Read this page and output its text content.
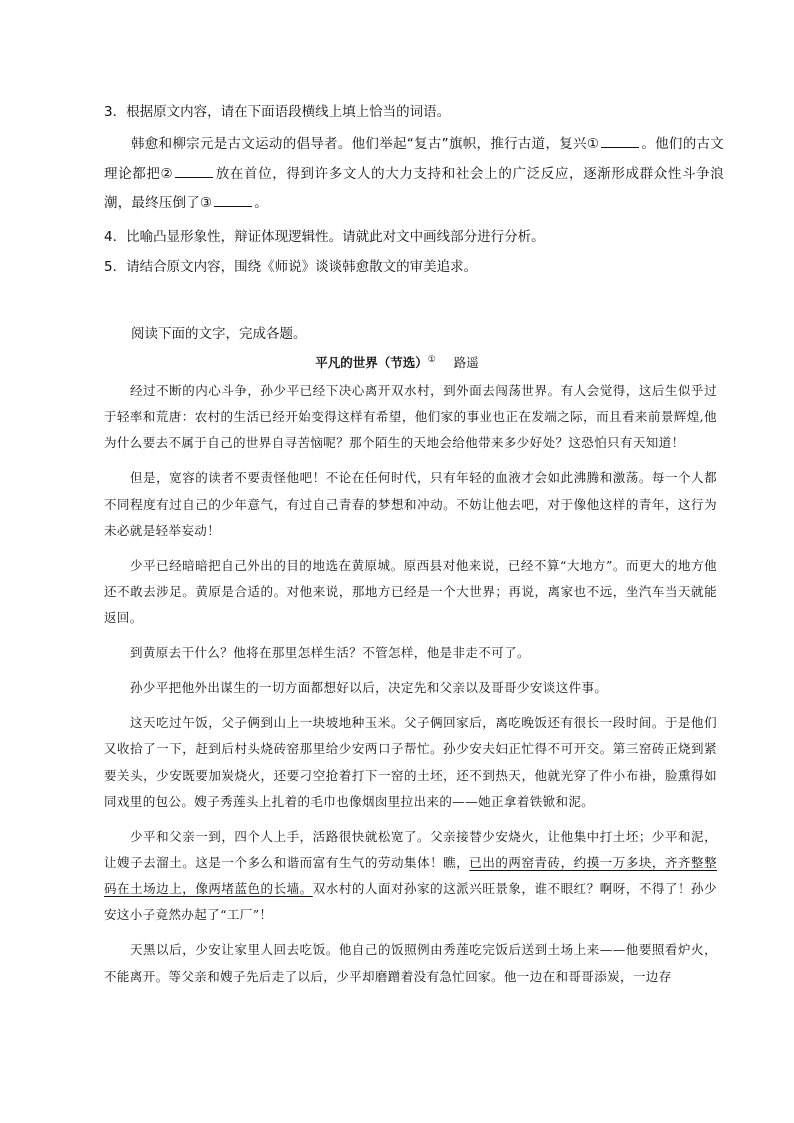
3．根据原文内容，请在下面语段横线上填上恰当的词语。
韩愈和柳宗元是古文运动的倡导者。他们举起“复古”旗帜，推行古道，复兴①	。他们的古文理论都把②	放在首位，得到许多文人的大力支持和社会上的广泛反应，逐渐形成群众性斗争浪潮，最终压倒了③	。
4．比喻凸显形象性，辩证体现逻辑性。请就此对文中画线部分进行分析。
5．请结合原文内容，围绕《师说》谈谈韩愈散文的审美追求。
阅读下面的文字，完成各题。
平凡的世界（节选）① 路遥

经过不断的内心斗争，孙少平已经下决心离开双水村，到外面去闯荡世界。有人会觉得，这后生似乎过于轻率和荒唐：农村的生活已经开始变得这样有希望，他们家的事业也正在发端之际，而且看来前景辉煌,他为什么要去不属于自己的世界自寻苦恼呢？那个陌生的天地会给他带来多少好处？这恐怕只有天知道！

但是，宽容的读者不要责怪他吧！不论在任何时代，只有年轻的血液才会如此沸腾和激荡。每一个人都不同程度有过自己的少年意气，有过自己青春的梦想和冲动。不妨让他去吧，对于像他这样的青年，这行为未必就是轻举妄动！

少平已经暗暗把自己外出的目的地选在黄原城。原西县对他来说，已经不算“大地方”。而更大的地方他还不敢去涉足。黄原是合适的。对他来说，那地方已经是一个大世界；再说，离家也不远，坐汽车当天就能返回。

到黄原去干什么？他将在那里怎样生活？不管怎样，他是非走不可了。

孙少平把他外出谋生的一切方面都想好以后，决定先和父亲以及哥哥少安谈这件事。

这天吃过午饭，父子俩到山上一块坡地种玉米。父子俩回家后，离吃晚饭还有很长一段时间。于是他们又收拾了一下，赶到后村头烧砖窑那里给少安两口子帮忙。孙少安夫妇正忙得不可开交。第三窑砖正烧到紧要关头，少安既要加炭烧火，还要刁空抢着打下一窑的土坯，还不到热天，他就光穿了件小布褂，脸熏得如同戏里的包公。嫂子秀莲头上扎着的毛巾也像烟囱里拉出来的——她正拿着铁锨和泥。

少平和父亲一到，四个人上手，活路很快就松宽了。父亲接替少安烧火，让他集中打土坯；少平和泥，让嫂子去溜土。这是一个多么和谐而富有生气的劳动集体！瞧，已出的两窑青砖，约摸一万多块，齐齐整整码在土场边上，像两堵蓝色的长墙。双水村的人面对孙家的这派兴旺景象，谁不眼红？啊呀，不得了！孙少安这小子竟然办起了“工厂”！

天黑以后，少安让家里人回去吃饭。他自己的饭照例由秀莲吃完饭后送到土场上来——他要照看炉火，不能离开。等父亲和嫂子先后走了以后，少平却磨蹭着没有急忙回家。他一边在和哥哥添炭，一边存
